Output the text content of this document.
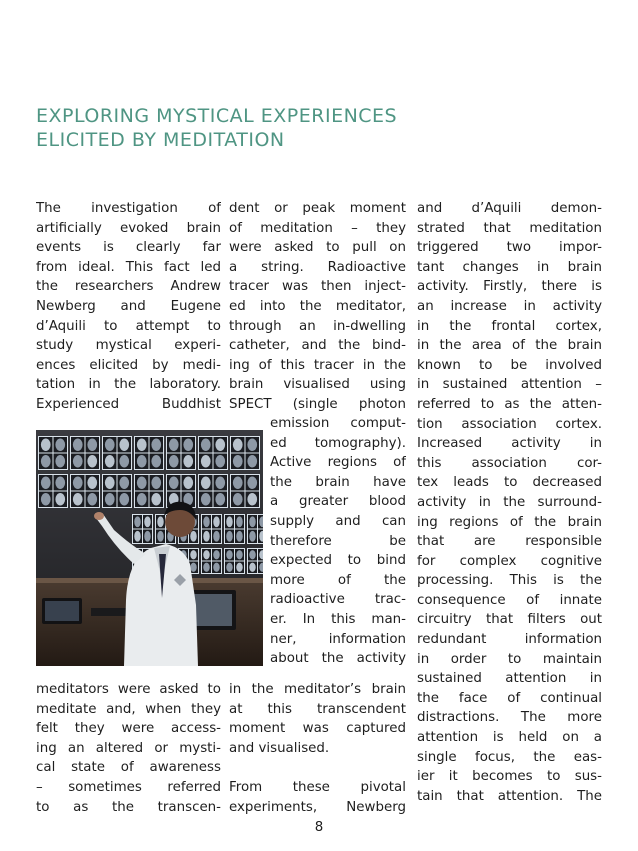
EXPLORING MYSTICAL EXPERIENCES
ELICITED BY MEDITATION
The investigation of
artificially evoked brain
events is clearly far
from ideal. This fact led
the researchers Andrew
Newberg and Eugene
d’Aquili to attempt to
study mystical experi-
ences elicited by medi-
tation in the laboratory.
Experienced Buddhist
meditators were asked to
meditate and, when they
felt they were access-
ing an altered or mysti-
cal state of awareness
– sometimes referred
to as the transcen-
dent or peak moment
of meditation – they
were asked to pull on
a string. Radioactive
tracer was then inject-
ed into the meditator,
through an in-dwelling
catheter, and the bind-
ing of this tracer in the
brain visualised using
SPECT (single photon
emission comput-
ed tomography).
Active regions of
the brain have
a greater blood
supply and can
therefore be
expected to bind
more of the
radioactive trac-
er. In this man-
ner, information
about the activity
in the meditator’s brain
at this transcendent
moment was captured
and visualised.
From these pivotal
experiments, Newberg
and d’Aquili demon-
strated that meditation
triggered two impor-
tant changes in brain
activity. Firstly, there is
an increase in activity
in the frontal cortex,
in the area of the brain
known to be involved
in sustained attention –
referred to as the atten-
tion association cortex.
Increased activity in
this association cor-
tex leads to decreased
activity in the surround-
ing regions of the brain
that are responsible
for complex cognitive
processing. This is the
consequence of innate
circuitry that filters out
redundant information
in order to maintain
sustained attention in
the face of continual
distractions. The more
attention is held on a
single focus, the eas-
ier it becomes to sus-
tain that attention. The
8
